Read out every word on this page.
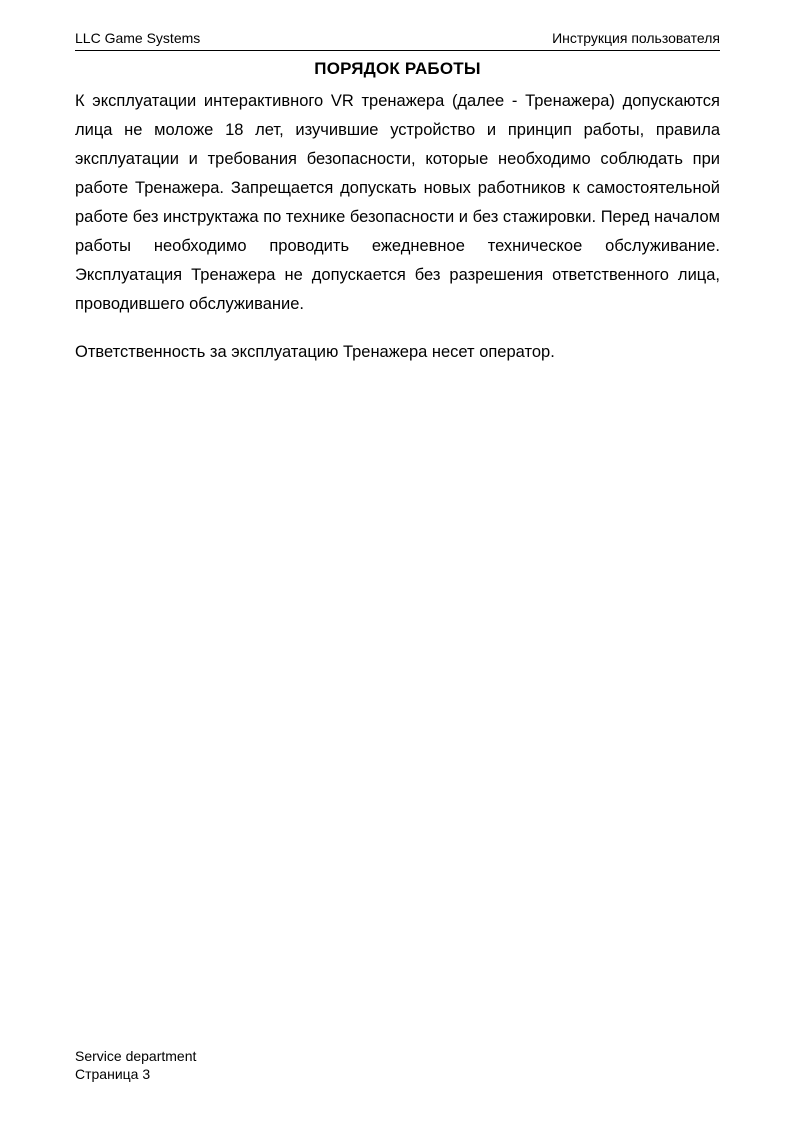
LLC Game Systems	Инструкция пользователя
ПОРЯДОК РАБОТЫ

К эксплуатации интерактивного VR тренажера (далее - Тренажера) допускаются лица не моложе 18 лет, изучившие устройство и принцип работы, правила эксплуатации и требования безопасности, которые необходимо соблюдать при работе Тренажера. Запрещается допускать новых работников к самостоятельной работе без инструктажа по технике безопасности и без стажировки. Перед началом работы необходимо проводить ежедневное техническое обслуживание. Эксплуатация Тренажера не допускается без разрешения ответственного лица, проводившего обслуживание.

Ответственность за эксплуатацию Тренажера несет оператор.

Service department
Страница 3
